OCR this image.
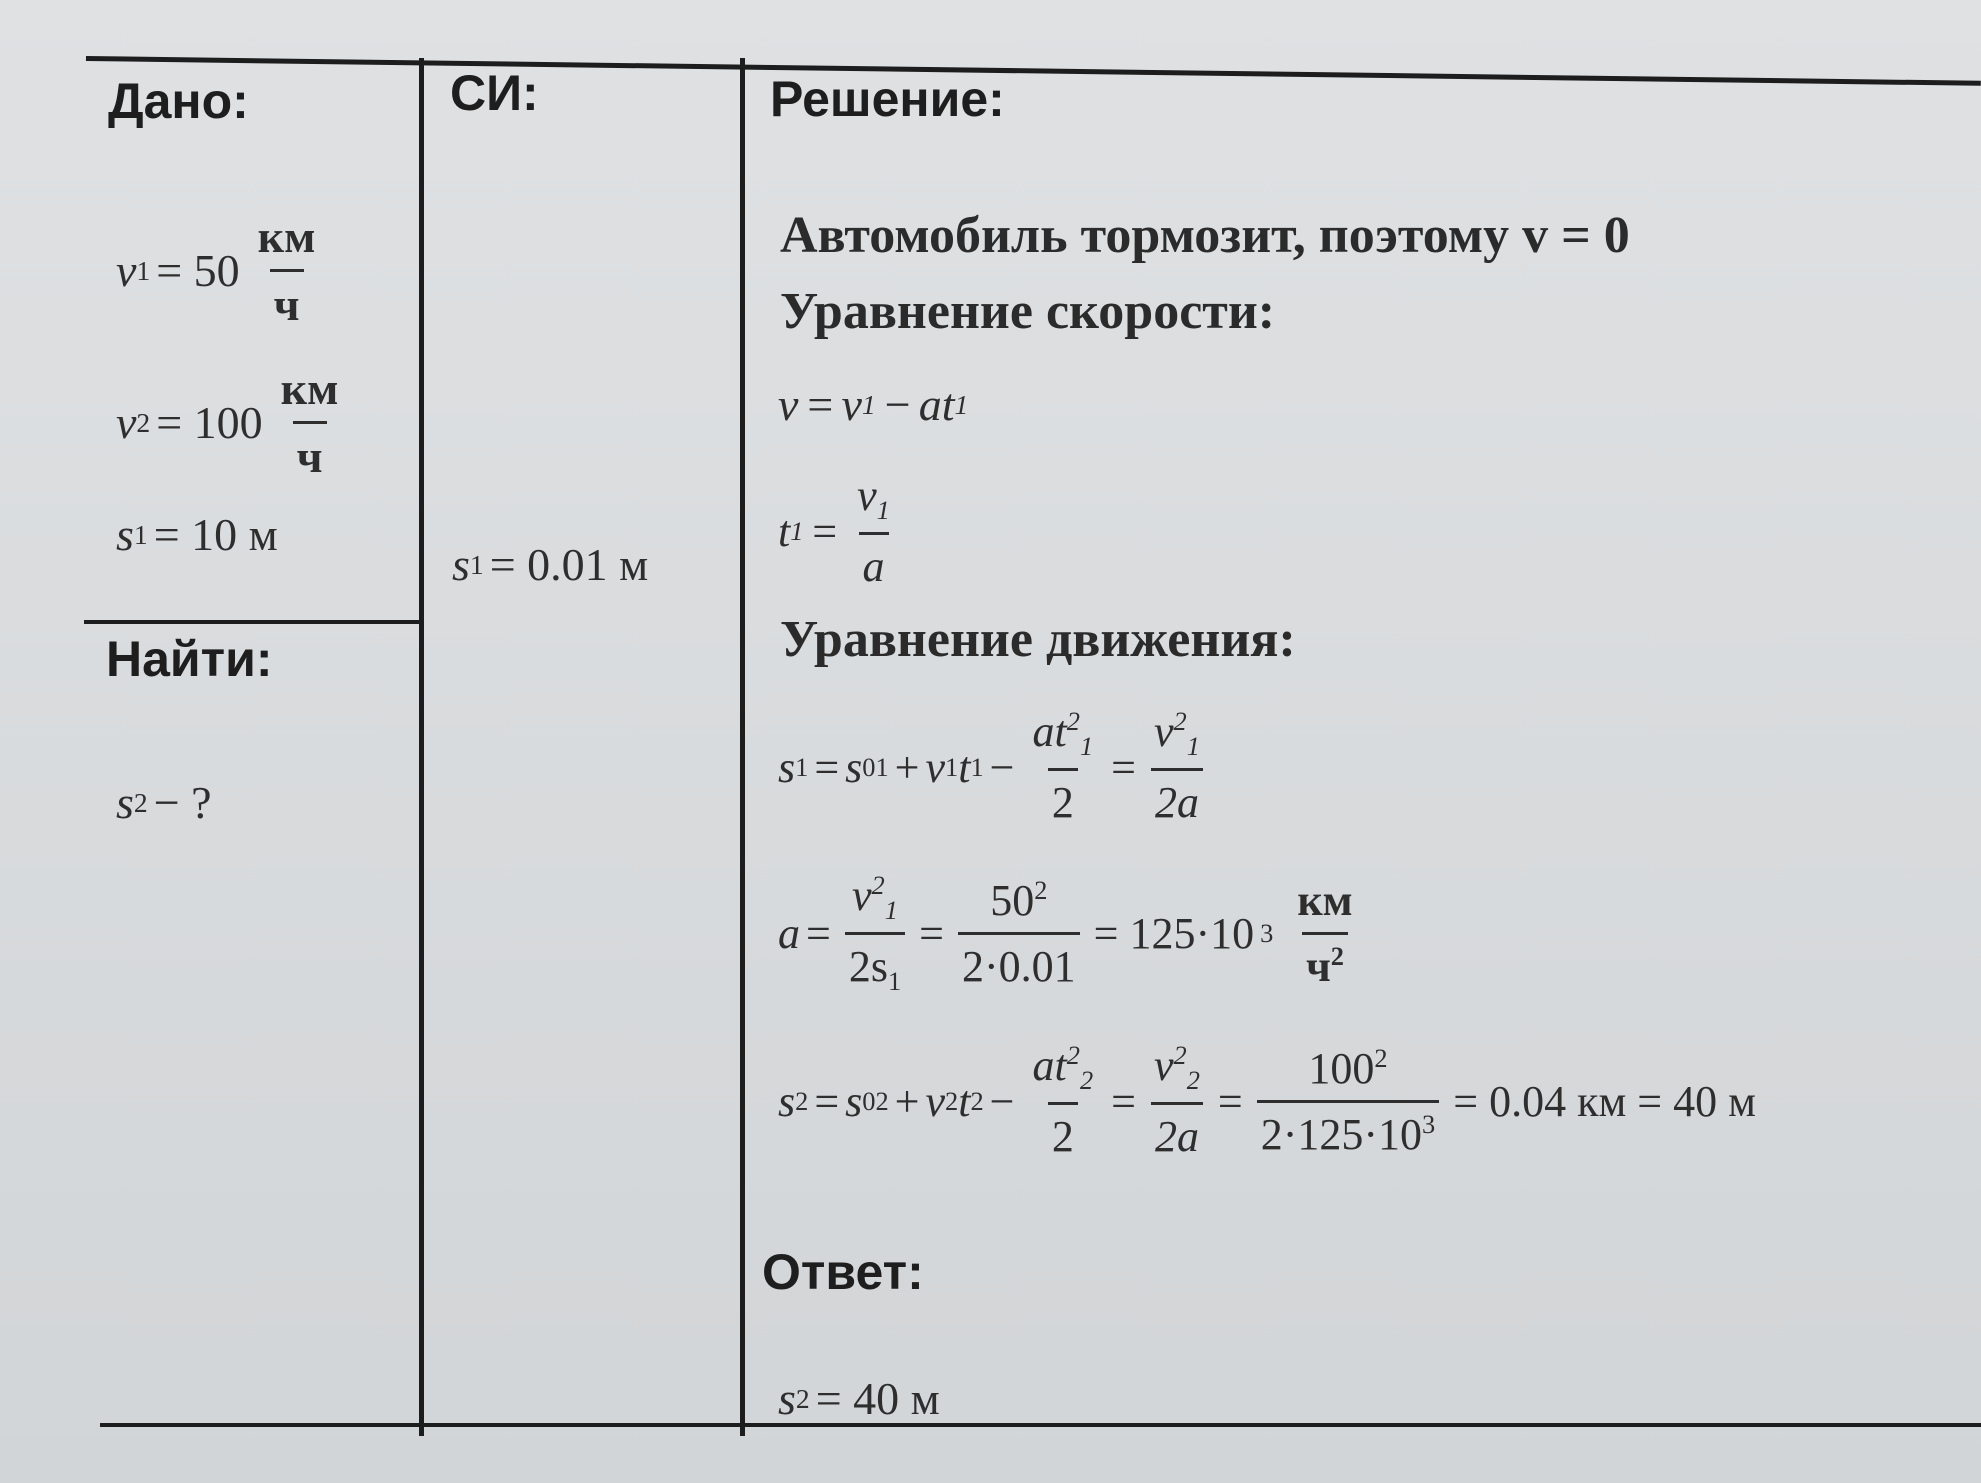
Дано:	СИ:	Решение:
Найти:
Ответ:
v $1 = 50 \frac{км}{ч}$
v $2 = 100 \frac{км}{ч}$
s 1 = 10 м
s 2 − ?
s 1 = 0.01 м
Автомобиль тормозит, поэтому v = 0
Уравнение скорости:
v = v 1 − at 1
t $1 = \frac{v_1}{a}$
Уравнение движения:
s 1 = s 01 + v 1 t $1 - \frac{at^2_1}{2} = \frac{v^2_1}{2a}$
$a = \frac{v^2_1}{2s_1} = \frac{50^2}{2\cdot 0.01} = 125\cdot 10$ $3 \frac{км}{ч^2}$
s 2 = s 02 + v 2 t $2 - \frac{at^2_2}{2} = \frac{v^2_2}{2a} = \frac{100^2}{2\cdot 125\cdot 10^3} = 0.04$ км = 40 м
s 2 = 40 м
